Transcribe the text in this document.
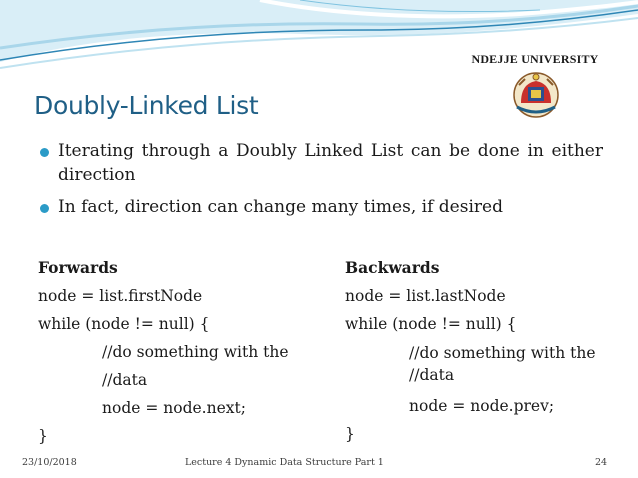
NDEJJE UNIVERSITY
Doubly-Linked List
Iterating through a Doubly Linked List can be done in either direction
In fact, direction can change many times, if desired
Forwards
node = list.firstNode
while (node != null) {
//do something with the
//data
node = node.next;
}
Backwards
node = list.lastNode
while (node != null) {
//do something with the
//data
node = node.prev;
}
23/10/2018	Lecture 4 Dynamic Data Structure Part 1	24
